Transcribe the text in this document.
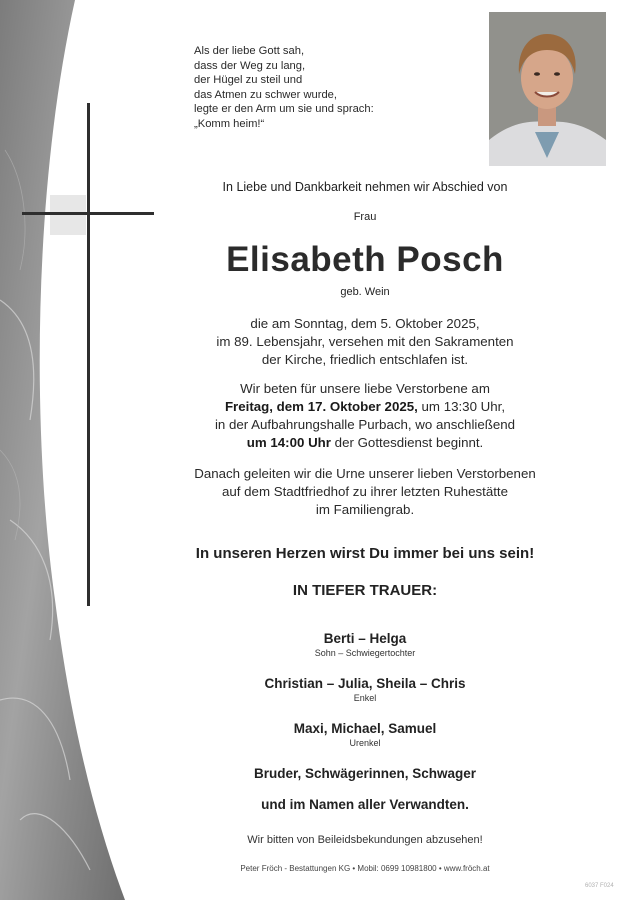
Als der liebe Gott sah,
dass der Weg zu lang,
der Hügel zu steil und
das Atmen zu schwer wurde,
legte er den Arm um sie und sprach:
„Komm heim!“
In Liebe und Dankbarkeit nehmen wir Abschied von
Frau
Elisabeth Posch
geb. Wein
die am Sonntag, dem 5. Oktober 2025,
im 89. Lebensjahr, versehen mit den Sakramenten
der Kirche, friedlich entschlafen ist.
Wir beten für unsere liebe Verstorbene am
Freitag, dem 17. Oktober 2025, um 13:30 Uhr,
in der Aufbahrungshalle Purbach, wo anschließend
um 14:00 Uhr der Gottesdienst beginnt.
Danach geleiten wir die Urne unserer lieben Verstorbenen
auf dem Stadtfriedhof zu ihrer letzten Ruhestätte
im Familiengrab.
In unseren Herzen wirst Du immer bei uns sein!
IN TIEFER TRAUER:
Berti – Helga
Sohn – Schwiegertochter
Christian – Julia, Sheila – Chris
Enkel
Maxi, Michael, Samuel
Urenkel
Bruder, Schwägerinnen, Schwager
und im Namen aller Verwandten.
Wir bitten von Beileidsbekundungen abzusehen!
Peter Fröch - Bestattungen KG • Mobil: 0699 10981800 • www.fröch.at
6037 F024
